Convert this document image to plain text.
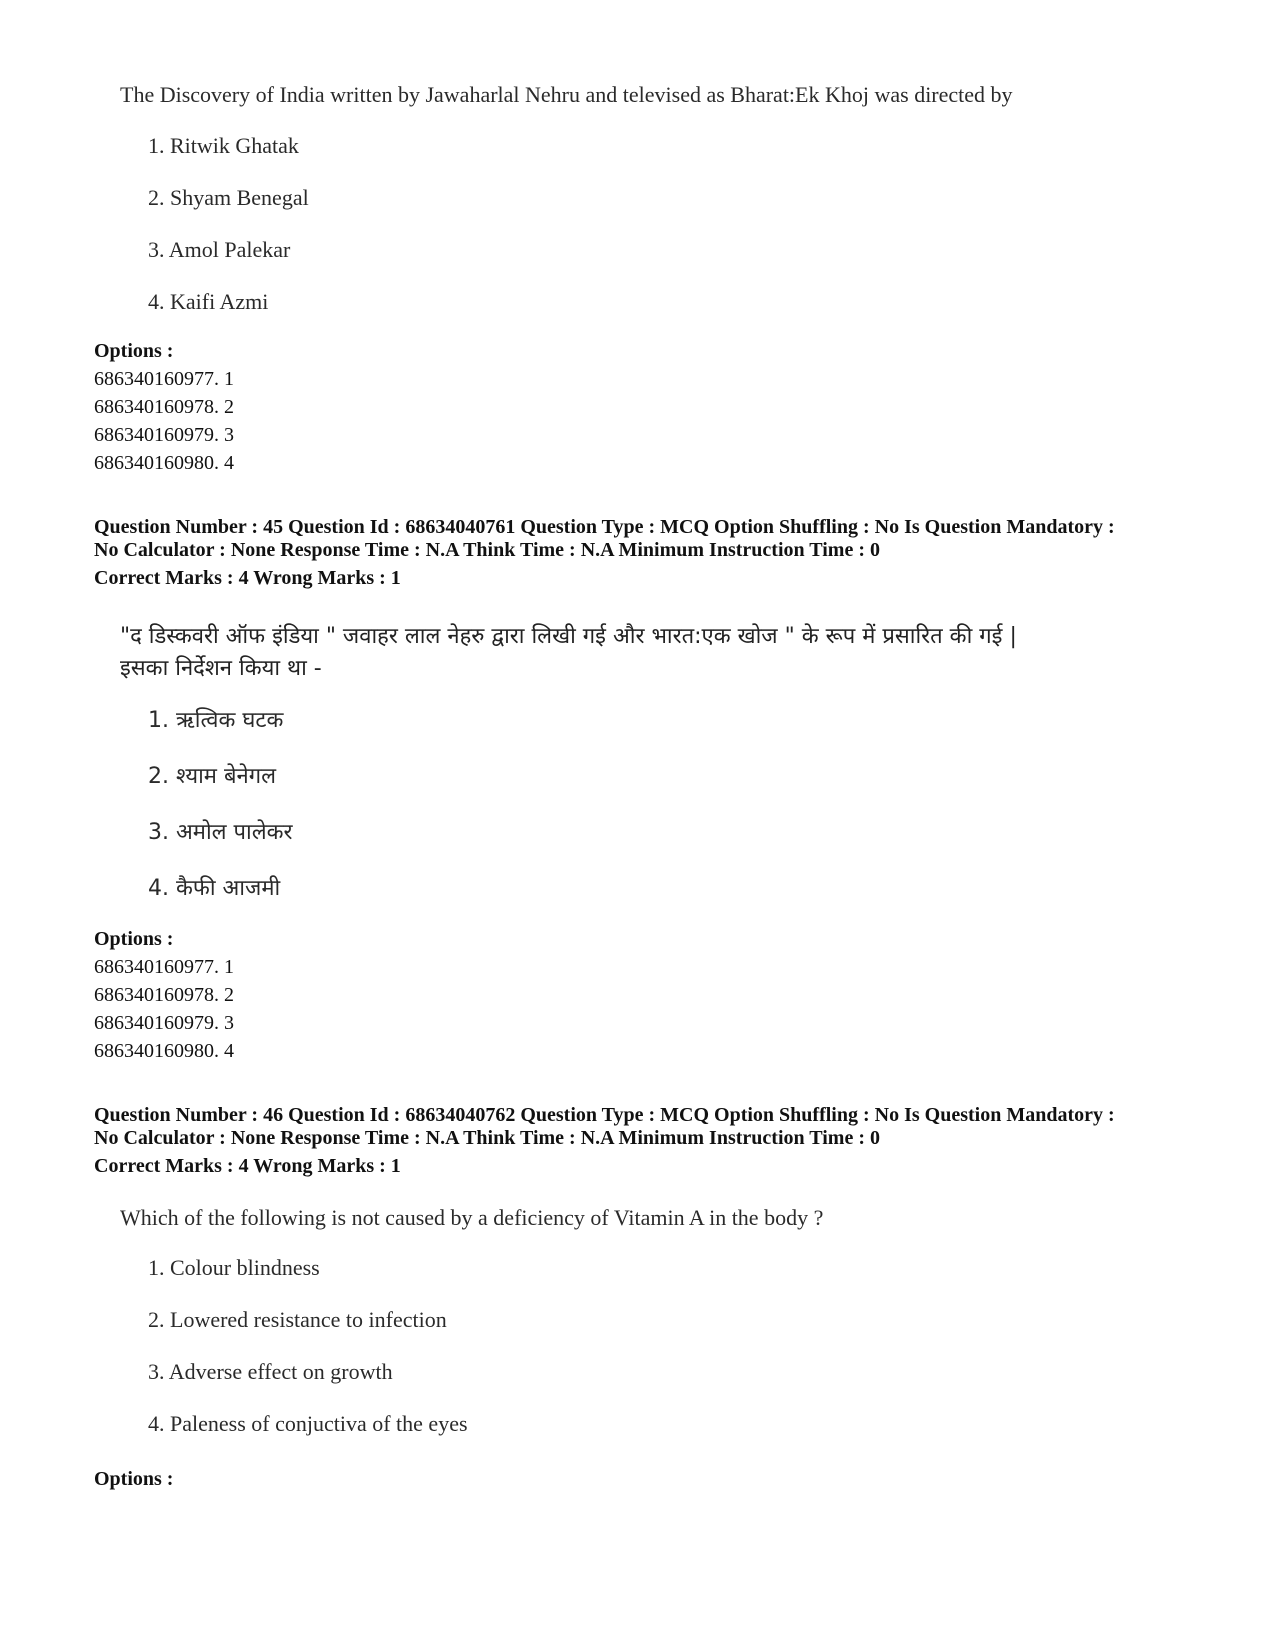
The Discovery of India written by Jawaharlal Nehru and televised as Bharat:Ek Khoj was directed by
1. Ritwik Ghatak
2. Shyam Benegal
3. Amol Palekar
4. Kaifi Azmi
Options :
686340160977. 1
686340160978. 2
686340160979. 3
686340160980. 4
Question Number : 45 Question Id : 68634040761 Question Type : MCQ Option Shuffling : No Is Question Mandatory :
No Calculator : None Response Time : N.A Think Time : N.A Minimum Instruction Time : 0
Correct Marks : 4 Wrong Marks : 1
"द डिस्कवरी ऑफ इंडिया " जवाहर लाल नेहरु द्वारा लिखी गई और भारत:एक खोज " के रूप में प्रसारित की गई |
इसका निर्देशन किया था -
1. ऋत्विक घटक
2. श्याम बेनेगल
3. अमोल पालेकर
4. कैफी आजमी
Options :
686340160977. 1
686340160978. 2
686340160979. 3
686340160980. 4
Question Number : 46 Question Id : 68634040762 Question Type : MCQ Option Shuffling : No Is Question Mandatory :
No Calculator : None Response Time : N.A Think Time : N.A Minimum Instruction Time : 0
Correct Marks : 4 Wrong Marks : 1
Which of the following is not caused by a deficiency of Vitamin A in the body ?
1. Colour blindness
2. Lowered resistance to infection
3. Adverse effect on growth
4. Paleness of conjuctiva of the eyes
Options :
